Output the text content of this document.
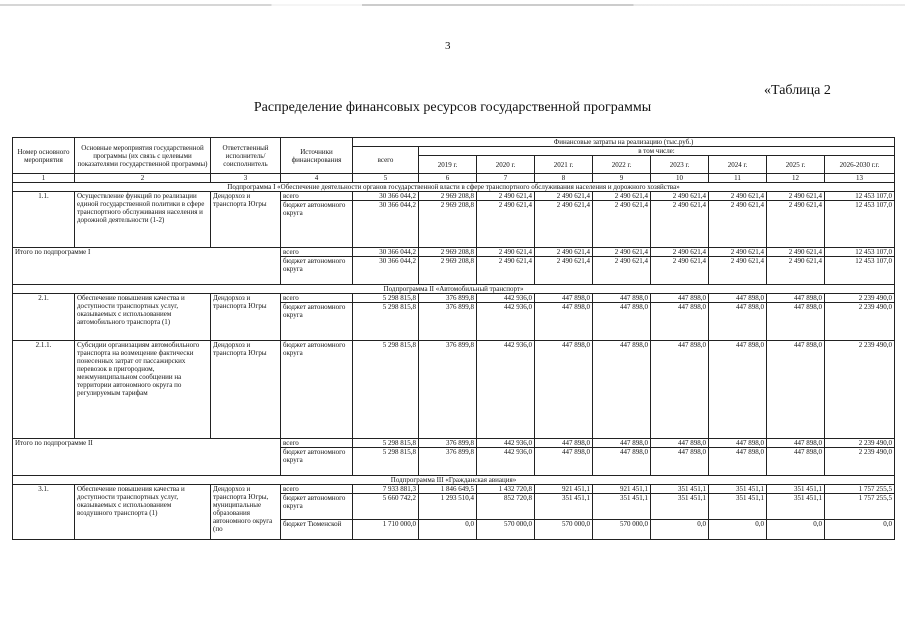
3
«Таблица 2
Распределение финансовых ресурсов государственной программы
Номер основного мероприятия	Основные мероприятия государственной программы (их связь с целевыми показателями государственной программы)	Ответственный исполнитель/ соисполнитель	Источники финансирования	Финансовые затраты на реализацию (тыс.руб.)								
				всего	в том числе:							
					2019 г.	2020 г.	2021 г.	2022 г.	2023 г.	2024 г.	2025 г.	2026-2030 г.г.
1	2	3	4	5	6	7	8	9	10	11	12	13
Подпрограмма I «Обеспечение деятельности органов государственной власти в сфере транспортного обслуживания населения и дорожного хозяйства»												
1.1.	Осуществление функций по реализации единой государственной политики в сфере транспортного обслуживания населения и дорожной деятельности (1-2)	Дендорхоз и транспорта Югры	всего	30 366 044,2	2 969 208,8	2 490 621,4	2 490 621,4	2 490 621,4	2 490 621,4	2 490 621,4	2 490 621,4	12 453 107,0
			бюджет автономного округа	30 366 044,2	2 969 208,8	2 490 621,4	2 490 621,4	2 490 621,4	2 490 621,4	2 490 621,4	2 490 621,4	12 453 107,0
Итого по подпрограмме I			всего	30 366 044,2	2 969 208,8	2 490 621,4	2 490 621,4	2 490 621,4	2 490 621,4	2 490 621,4	2 490 621,4	12 453 107,0
			бюджет автономного округа	30 366 044,2	2 969 208,8	2 490 621,4	2 490 621,4	2 490 621,4	2 490 621,4	2 490 621,4	2 490 621,4	12 453 107,0
Подпрограмма II «Автомобильный транспорт»												
2.1.	Обеспечение повышения качества и доступности транспортных услуг, оказываемых с использованием автомобильного транспорта (1)	Дендорхоз и транспорта Югры	всего	5 298 815,8	376 899,8	442 936,0	447 898,0	447 898,0	447 898,0	447 898,0	447 898,0	2 239 490,0
			бюджет автономного округа	5 298 815,8	376 899,8	442 936,0	447 898,0	447 898,0	447 898,0	447 898,0	447 898,0	2 239 490,0
2.1.1.	Субсидии организациям автомобильного транспорта на возмещение фактически понесенных затрат от пассажирских перевозок в пригородном, межмуниципальном сообщении на территории автономного округа по регулируемым тарифам	Дендорхоз и транспорта Югры	бюджет автономного округа	5 298 815,8	376 899,8	442 936,0	447 898,0	447 898,0	447 898,0	447 898,0	447 898,0	2 239 490,0
Итого по подпрограмме II			всего	5 298 815,8	376 899,8	442 936,0	447 898,0	447 898,0	447 898,0	447 898,0	447 898,0	2 239 490,0
			бюджет автономного округа	5 298 815,8	376 899,8	442 936,0	447 898,0	447 898,0	447 898,0	447 898,0	447 898,0	2 239 490,0
Подпрограмма III «Гражданская авиация»												
3.1.	Обеспечение повышения качества и доступности транспортных услуг, оказываемых с использованием воздушного транспорта (1)	Дендорхоз и транспорта Югры, муниципальные образования автономного округа (по	всего	7 933 881,3	1 846 649,5	1 432 720,8	921 451,1	921 451,1	351 451,1	351 451,1	351 451,1	1 757 255,5
			бюджет автономного округа	5 660 742,2	1 293 510,4	852 720,8	351 451,1	351 451,1	351 451,1	351 451,1	351 451,1	1 757 255,5
			бюджет Тюменской	1 710 000,0	0,0	570 000,0	570 000,0	570 000,0	0,0	0,0	0,0	0,0
